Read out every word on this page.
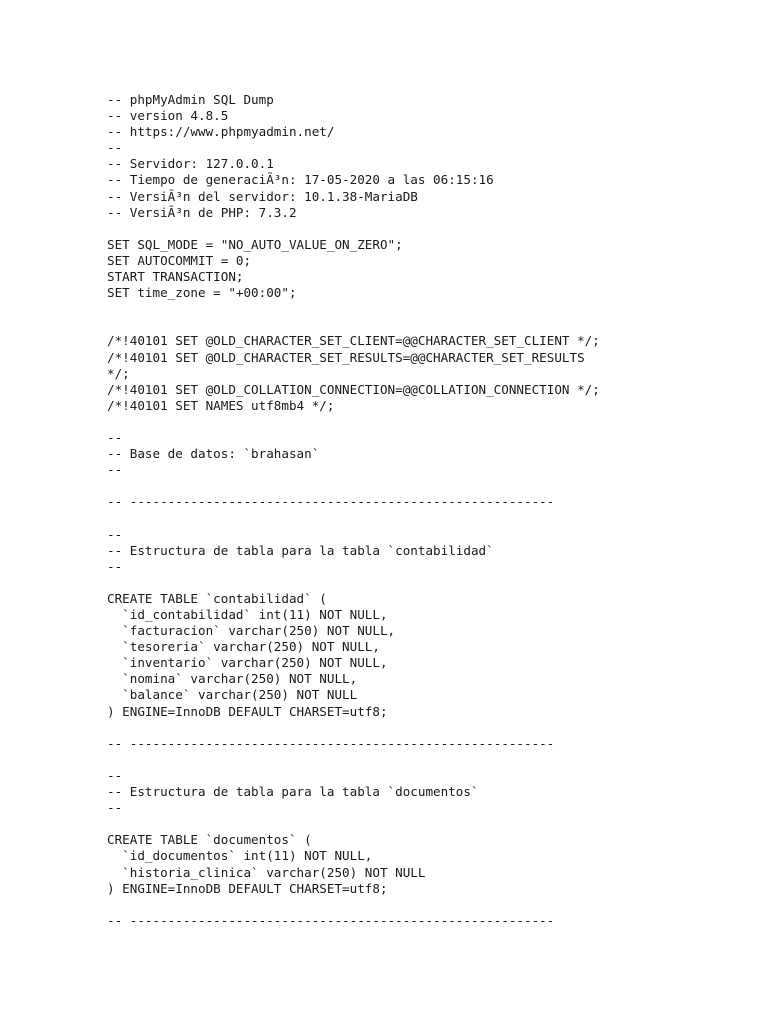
-- phpMyAdmin SQL Dump
-- version 4.8.5
-- https://www.phpmyadmin.net/
--
-- Servidor: 127.0.0.1
-- Tiempo de generaciÃ³n: 17-05-2020 a las 06:15:16
-- VersiÃ³n del servidor: 10.1.38-MariaDB
-- VersiÃ³n de PHP: 7.3.2
SET SQL_MODE = "NO_AUTO_VALUE_ON_ZERO";
SET AUTOCOMMIT = 0;
START TRANSACTION;
SET time_zone = "+00:00";
/*!40101 SET @OLD_CHARACTER_SET_CLIENT=@@CHARACTER_SET_CLIENT */;
/*!40101 SET @OLD_CHARACTER_SET_RESULTS=@@CHARACTER_SET_RESULTS
*/;
/*!40101 SET @OLD_COLLATION_CONNECTION=@@COLLATION_CONNECTION */;
/*!40101 SET NAMES utf8mb4 */;
--
-- Base de datos: `brahasan`
--
-- --------------------------------------------------------
--
-- Estructura de tabla para la tabla `contabilidad`
--
CREATE TABLE `contabilidad` (
`id_contabilidad` int(11) NOT NULL,
`facturacion` varchar(250) NOT NULL,
`tesoreria` varchar(250) NOT NULL,
`inventario` varchar(250) NOT NULL,
`nomina` varchar(250) NOT NULL,
`balance` varchar(250) NOT NULL
) ENGINE=InnoDB DEFAULT CHARSET=utf8;
-- --------------------------------------------------------
--
-- Estructura de tabla para la tabla `documentos`
--
CREATE TABLE `documentos` (
`id_documentos` int(11) NOT NULL,
`historia_clinica` varchar(250) NOT NULL
) ENGINE=InnoDB DEFAULT CHARSET=utf8;
-- --------------------------------------------------------
